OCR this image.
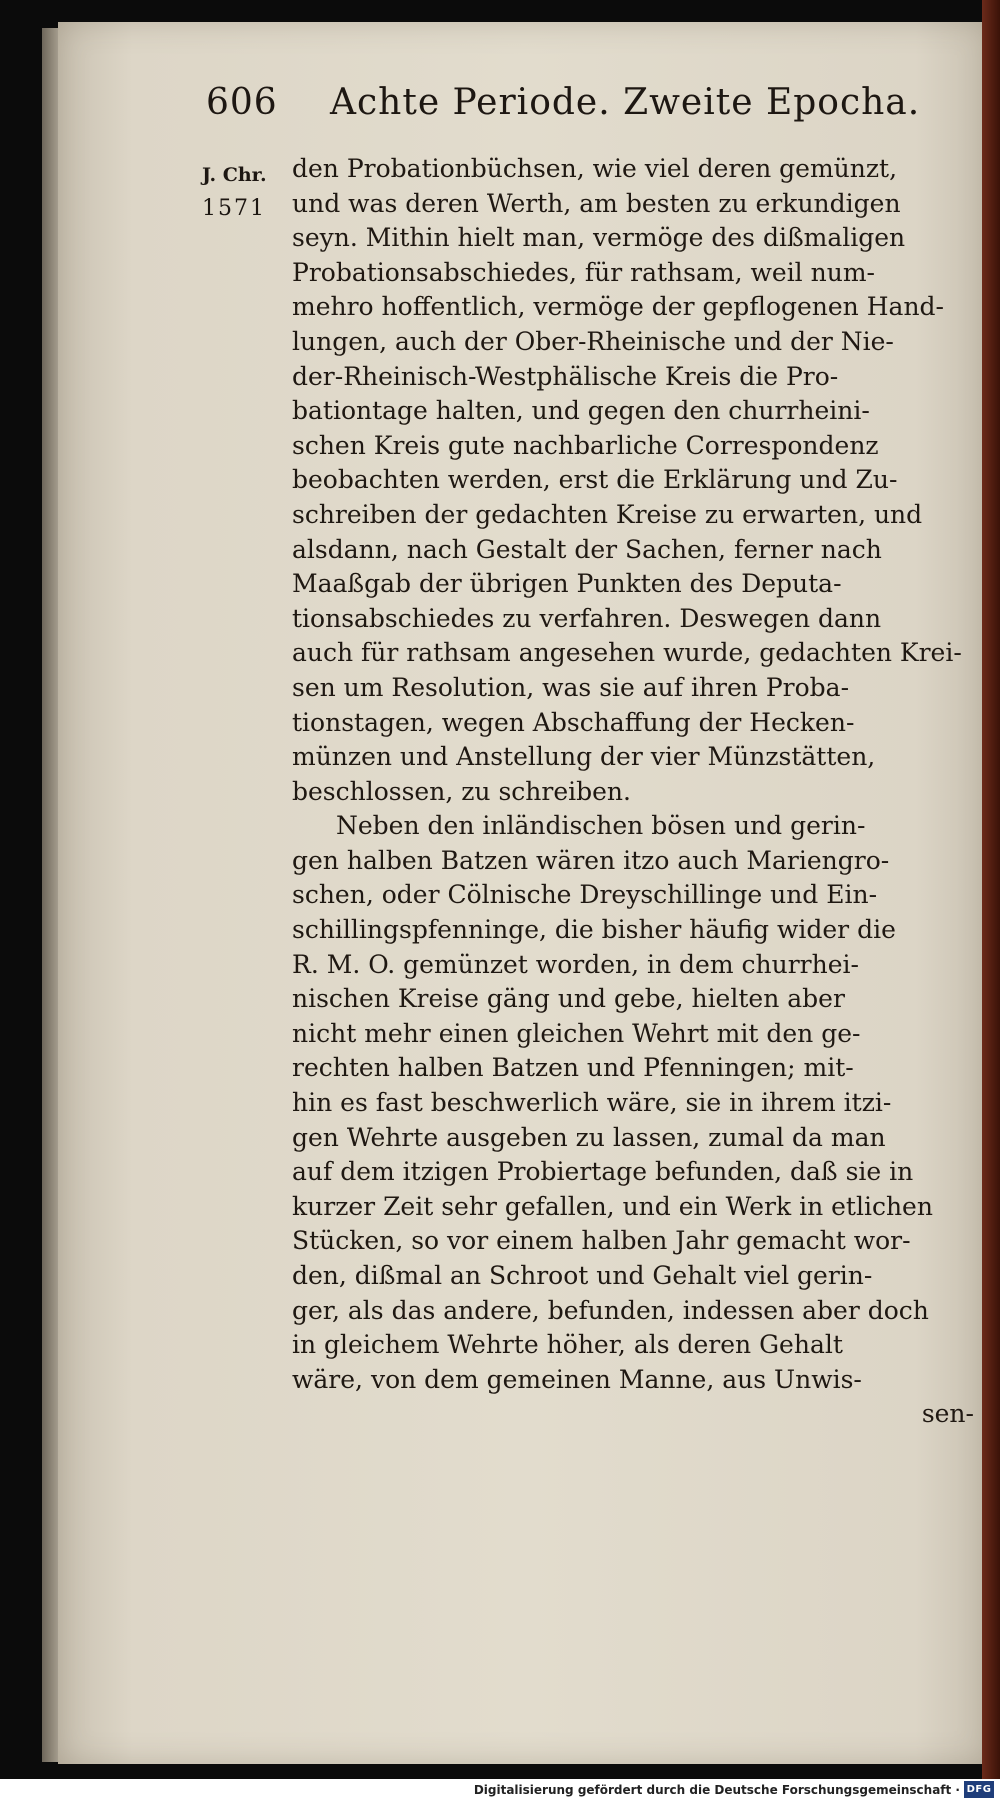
606 Achte Periode. Zweite Epocha.
J. Chr.
1571
den Probationbüchsen, wie viel deren gemünzt,
und was deren Werth, am besten zu erkundigen
seyn. Mithin hielt man, vermöge des dißmaligen
Probationsabschiedes, für rathsam, weil num-
mehro hoffentlich, vermöge der gepflogenen Hand-
lungen, auch der Ober-Rheinische und der Nie-
der-Rheinisch-Westphälische Kreis die Pro-
bationtage halten, und gegen den churrheini-
schen Kreis gute nachbarliche Correspondenz
beobachten werden, erst die Erklärung und Zu-
schreiben der gedachten Kreise zu erwarten, und
alsdann, nach Gestalt der Sachen, ferner nach
Maaßgab der übrigen Punkten des Deputa-
tionsabschiedes zu verfahren. Deswegen dann
auch für rathsam angesehen wurde, gedachten Krei-
sen um Resolution, was sie auf ihren Proba-
tionstagen, wegen Abschaffung der Hecken-
münzen und Anstellung der vier Münzstätten,
beschlossen, zu schreiben.
Neben den inländischen bösen und gerin-
gen halben Batzen wären itzo auch Mariengro-
schen, oder Cölnische Dreyschillinge und Ein-
schillingspfenninge, die bisher häufig wider die
R. M. O. gemünzet worden, in dem churrhei-
nischen Kreise gäng und gebe, hielten aber
nicht mehr einen gleichen Wehrt mit den ge-
rechten halben Batzen und Pfenningen; mit-
hin es fast beschwerlich wäre, sie in ihrem itzi-
gen Wehrte ausgeben zu lassen, zumal da man
auf dem itzigen Probiertage befunden, daß sie in
kurzer Zeit sehr gefallen, und ein Werk in etlichen
Stücken, so vor einem halben Jahr gemacht wor-
den, dißmal an Schroot und Gehalt viel gerin-
ger, als das andere, befunden, indessen aber doch
in gleichem Wehrte höher, als deren Gehalt
wäre, von dem gemeinen Manne, aus Unwis-
sen-
Digitalisierung gefördert durch die Deutsche Forschungsgemeinschaft · DFG
